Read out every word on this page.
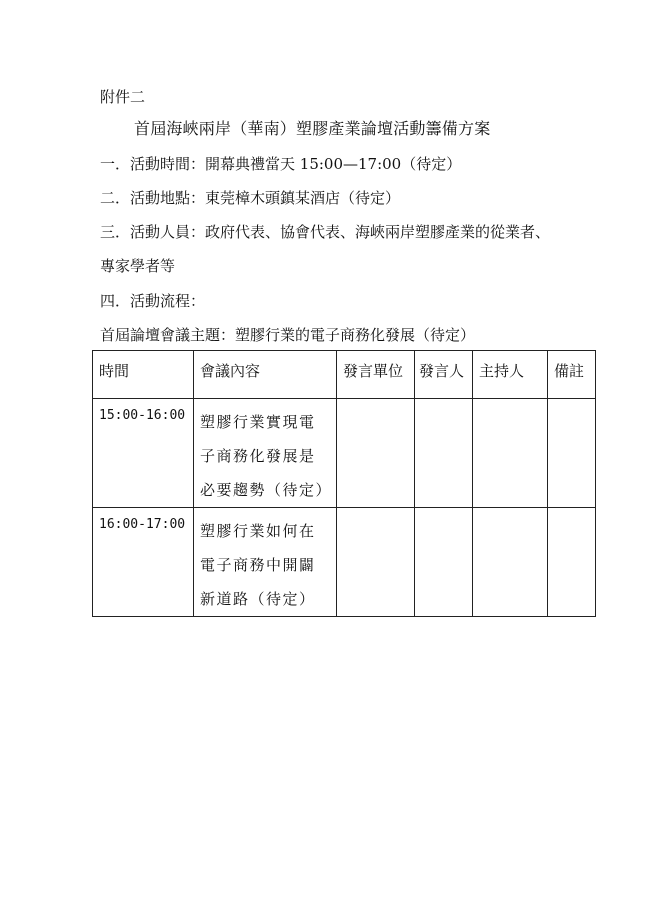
附件二
首屆海峽兩岸（華南）塑膠產業論壇活動籌備方案
一．活動時間：開幕典禮當天 15:00—17:00（待定）
二．活動地點：東莞樟木頭鎮某酒店（待定）
三．活動人員：政府代表、協會代表、海峽兩岸塑膠產業的從業者、
專家學者等
四．活動流程：
首屆論壇會議主題：塑膠行業的電子商務化發展（待定）
時間	會議內容	發言單位	發言人	主持人	備註
15:00-16:00	塑膠行業實現電
子商務化發展是
必要趨勢（待定）				

16:00-17:00	塑膠行業如何在
電子商務中開闢
新道路（待定）				
